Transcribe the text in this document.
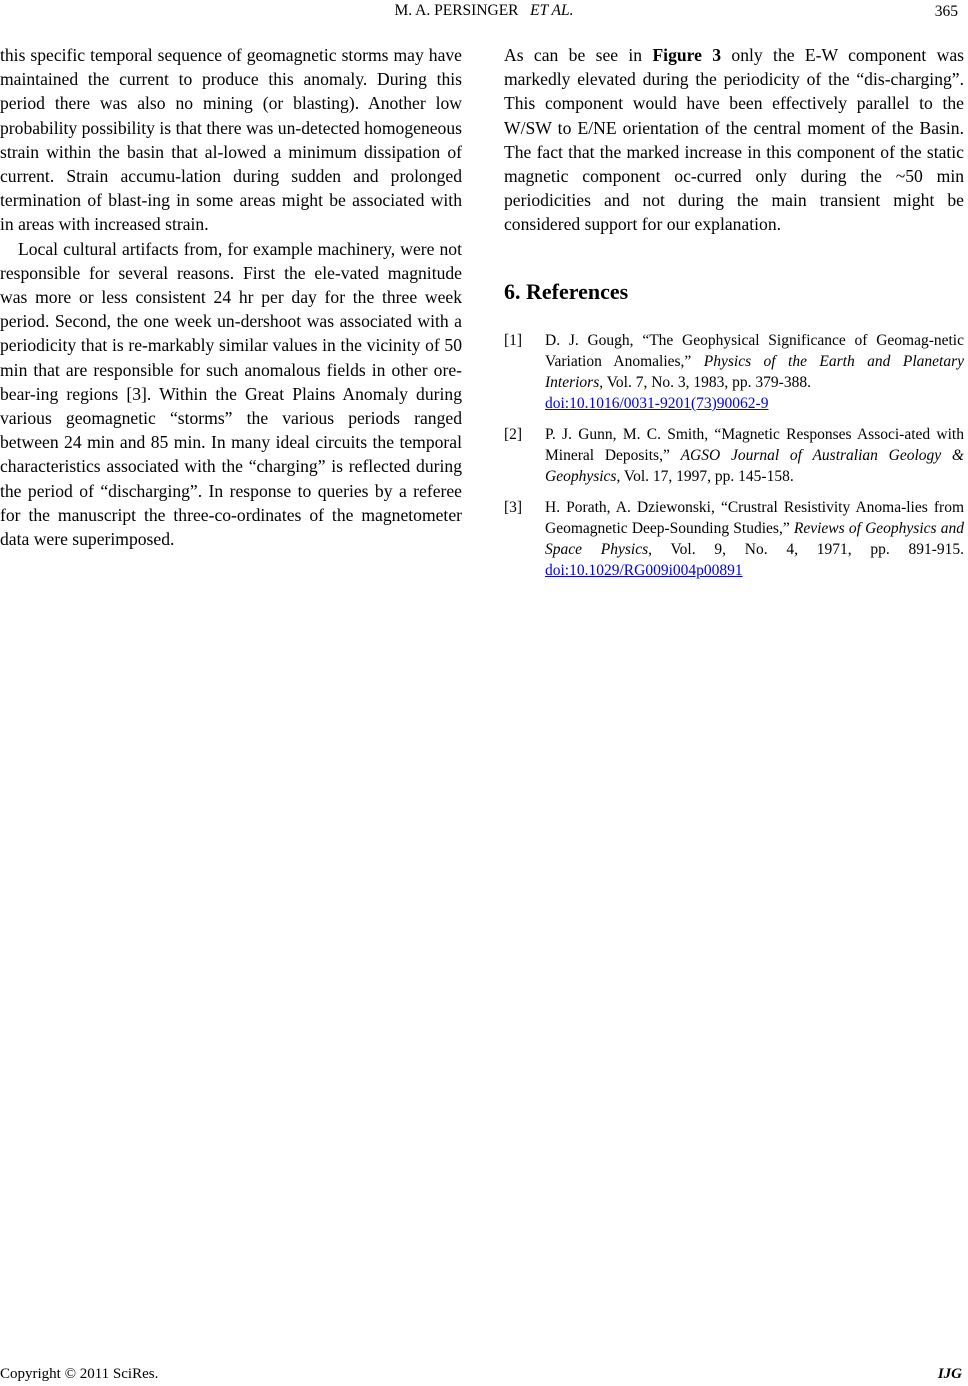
M. A. PERSINGER ET AL.	365

this specific temporal sequence of geomagnetic storms may have maintained the current to produce this anomaly. During this period there was also no mining (or blasting). Another low probability possibility is that there was un-detected homogeneous strain within the basin that al-lowed a minimum dissipation of current. Strain accumu-lation during sudden and prolonged termination of blast-ing in some areas might be associated with in areas with increased strain.

Local cultural artifacts from, for example machinery, were not responsible for several reasons. First the ele-vated magnitude was more or less consistent 24 hr per day for the three week period. Second, the one week un-dershoot was associated with a periodicity that is re-markably similar values in the vicinity of 50 min that are responsible for such anomalous fields in other ore-bear-ing regions [3]. Within the Great Plains Anomaly during various geomagnetic “storms” the various periods ranged between 24 min and 85 min. In many ideal circuits the temporal characteristics associated with the “charging” is reflected during the period of “discharging”. In response to queries by a referee for the manuscript the three-co-ordinates of the magnetometer data were superimposed.

As can be see in Figure 3 only the E-W component was markedly elevated during the periodicity of the “dis-charging”. This component would have been effectively parallel to the W/SW to E/NE orientation of the central moment of the Basin. The fact that the marked increase in this component of the static magnetic component oc-curred only during the ~50 min periodicities and not during the main transient might be considered support for our explanation.

6. References
[1] D. J. Gough, “The Geophysical Significance of Geomag-netic Variation Anomalies,” Physics of the Earth and Planetary Interiors, Vol. 7, No. 3, 1983, pp. 379-388.
doi:10.1016/0031-9201(73)90062-9
[2] P. J. Gunn, M. C. Smith, “Magnetic Responses Associ-ated with Mineral Deposits,” AGSO Journal of Australian Geology & Geophysics, Vol. 17, 1997, pp. 145-158.
[3] H. Porath, A. Dziewonski, “Crustral Resistivity Anoma-lies from Geomagnetic Deep-Sounding Studies,” Reviews of Geophysics and Space Physics, Vol. 9, No. 4, 1971, pp. 891-915. doi:10.1029/RG009i004p00891
Copyright © 2011 SciRes.	IJG
